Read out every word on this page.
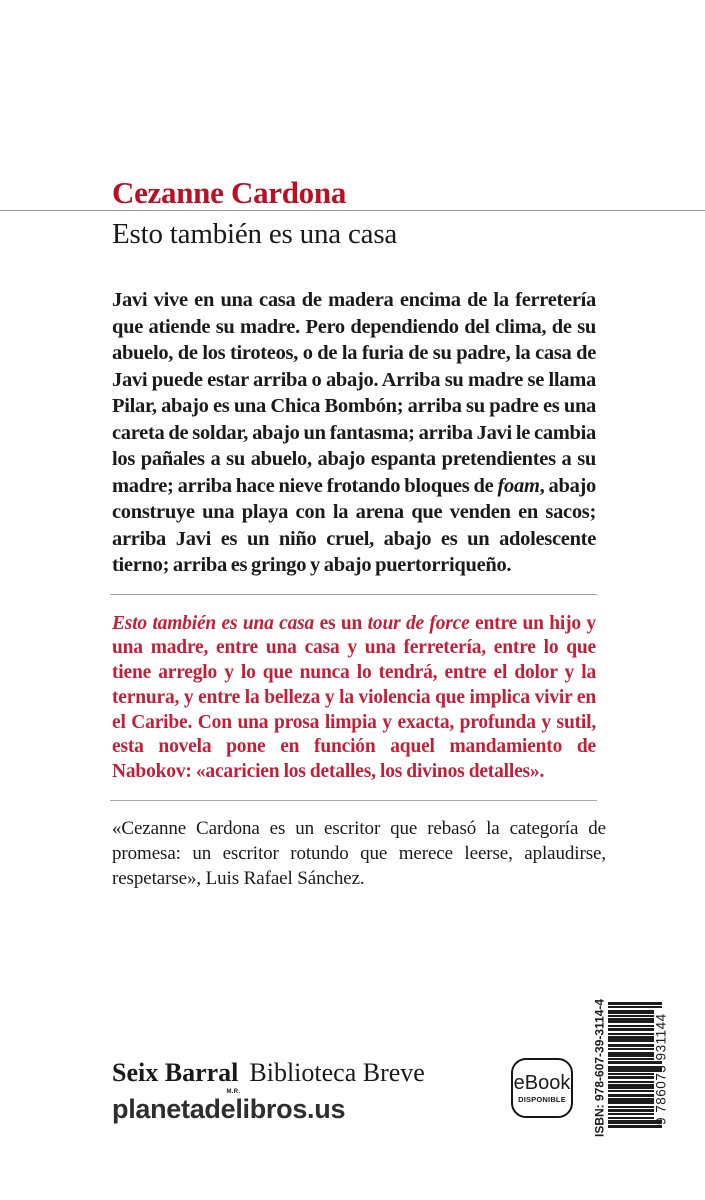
Cezanne Cardona
Esto también es una casa

Javi vive en una casa de madera encima de la ferretería que atiende su madre. Pero dependiendo del clima, de su abuelo, de los tiroteos, o de la furia de su padre, la casa de Javi puede estar arriba o abajo. Arriba su madre se llama Pilar, abajo es una Chica Bombón; arriba su padre es una careta de soldar, abajo un fantasma; arriba Javi le cambia los pañales a su abuelo, abajo espanta pretendientes a su madre; arriba hace nieve frotando bloques de foam, abajo construye una playa con la arena que venden en sacos; arriba Javi es un niño cruel, abajo es un adolescente tierno; arriba es gringo y abajo puertorriqueño.

Esto también es una casa es un tour de force entre un hijo y una madre, entre una casa y una ferretería, entre lo que tiene arreglo y lo que nunca lo tendrá, entre el dolor y la ternura, y entre la belleza y la violencia que implica vivir en el Caribe. Con una prosa limpia y exacta, profunda y sutil, esta novela pone en función aquel mandamiento de Nabokov: «acaricien los detalles, los divinos detalles».

«Cezanne Cardona es un escritor que rebasó la categoría de promesa: un escritor rotundo que merece leerse, aplaudirse, respetarse», Luis Rafael Sánchez.

Seix Barral
M.R.
Biblioteca Breve
planetadelibros.us
eBook
DISPONIBLE ISBN: 978-607-39-3114-4	9 786073 931144
